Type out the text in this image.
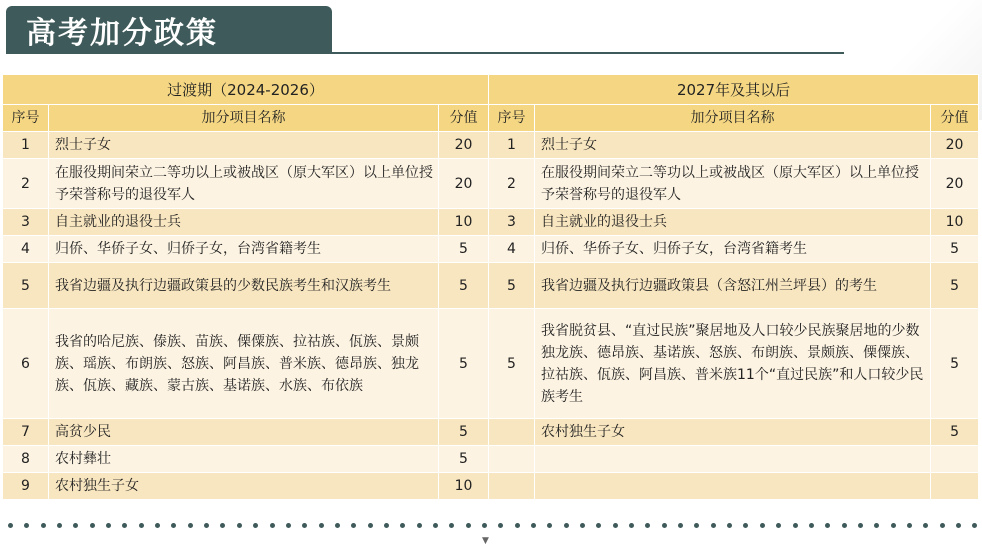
高考加分政策
过渡期（2024-2026）			2027年及其以后		
序号	加分项目名称	分值	序号	加分项目名称	分值
1	烈士子女	20	1	烈士子女	20
2	在服役期间荣立二等功以上或被战区（原大军区）以上单位授予荣誉称号的退役军人	20	2	在服役期间荣立二等功以上或被战区（原大军区）以上单位授予荣誉称号的退役军人	20
3	自主就业的退役士兵	10	3	自主就业的退役士兵	10
4	归侨、华侨子女、归侨子女，台湾省籍考生	5	4	归侨、华侨子女、归侨子女，台湾省籍考生	5
5	我省边疆及执行边疆政策县的少数民族考生和汉族考生	5	5	我省边疆及执行边疆政策县（含怒江州兰坪县）的考生	5
6	我省的哈尼族、傣族、苗族、傈僳族、拉祜族、佤族、景颇族、瑶族、布朗族、怒族、阿昌族、普米族、德昂族、独龙族、佤族、藏族、蒙古族、基诺族、水族、布依族	5	5	我省脱贫县、“直过民族”聚居地及人口较少民族聚居地的少数独龙族、德昂族、基诺族、怒族、布朗族、景颇族、傈僳族、拉祜族、佤族、阿昌族、普米族11个“直过民族”和人口较少民族考生	5
7	高贫少民	5		农村独生子女	5
8	农村彝壮	5			
9	农村独生子女	10			
▼
